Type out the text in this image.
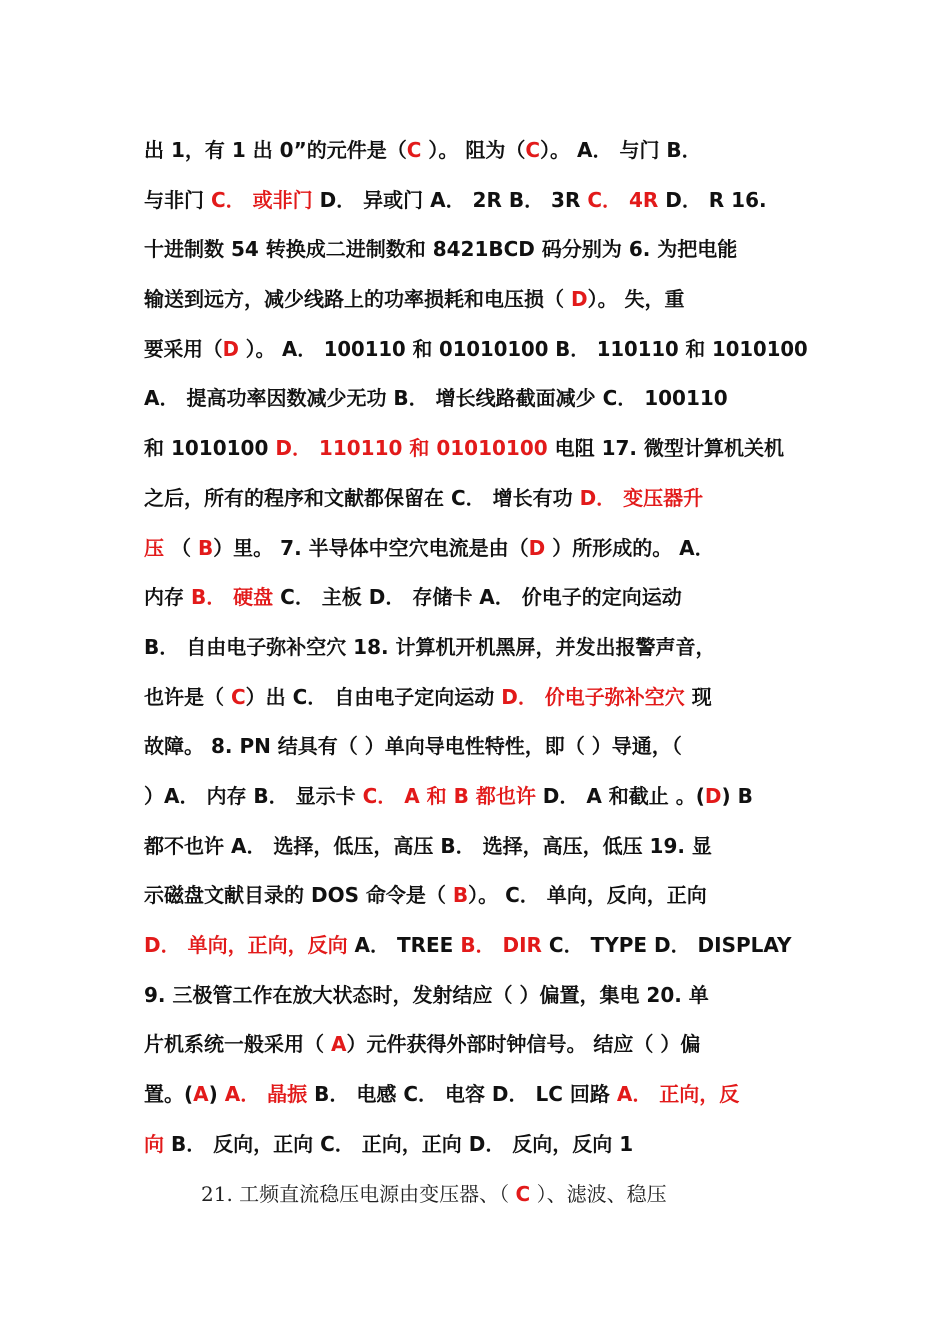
出 1，有 1 出 0”的元件是（C ）。 阻为（C）。 A． 与门 B．
与非门 C． 或非门 D． 异或门 A． 2R B． 3R C． 4R D． R 16.
十进制数 54 转换成二进制数和 8421BCD 码分别为 6. 为把电能
输送到远方，减少线路上的功率损耗和电压损（ D）。 失，重
要采用（D ）。 A． 100110 和 01010100 B． 110110 和 1010100
A． 提高功率因数减少无功 B． 增长线路截面减少 C． 100110
和 1010100 D． 110110 和 01010100 电阻 17. 微型计算机关机
之后，所有的程序和文献都保留在 C． 增长有功 D． 变压器升
压 （ B）里。 7. 半导体中空穴电流是由（D ）所形成的。 A．
内存 B． 硬盘 C． 主板 D． 存储卡 A． 价电子的定向运动
B． 自由电子弥补空穴 18. 计算机开机黑屏，并发出报警声音，
也许是（ C）出 C． 自由电子定向运动 D． 价电子弥补空穴 现
故障。 8. PN 结具有（ ）单向导电性特性，即（ ）导通，（
）A． 内存 B． 显示卡 C． A 和 B 都也许 D． A 和截止 。(D) B
都不也许 A． 选择，低压，高压 B． 选择，高压，低压 19. 显
示磁盘文献目录的 DOS 命令是（ B）。 C． 单向，反向，正向
D． 单向，正向，反向 A． TREE B． DIR C． TYPE D． DISPLAY
9. 三极管工作在放大状态时，发射结应（ ）偏置，集电 20. 单
片机系统一般采用（ A）元件获得外部时钟信号。 结应（ ）偏
置。(A) A． 晶振 B． 电感 C． 电容 D． LC 回路 A． 正向，反
向 B． 反向，正向 C． 正向，正向 D． 反向，反向 1
21. 工频直流稳压电源由变压器、（ C ）、滤波、稳压
